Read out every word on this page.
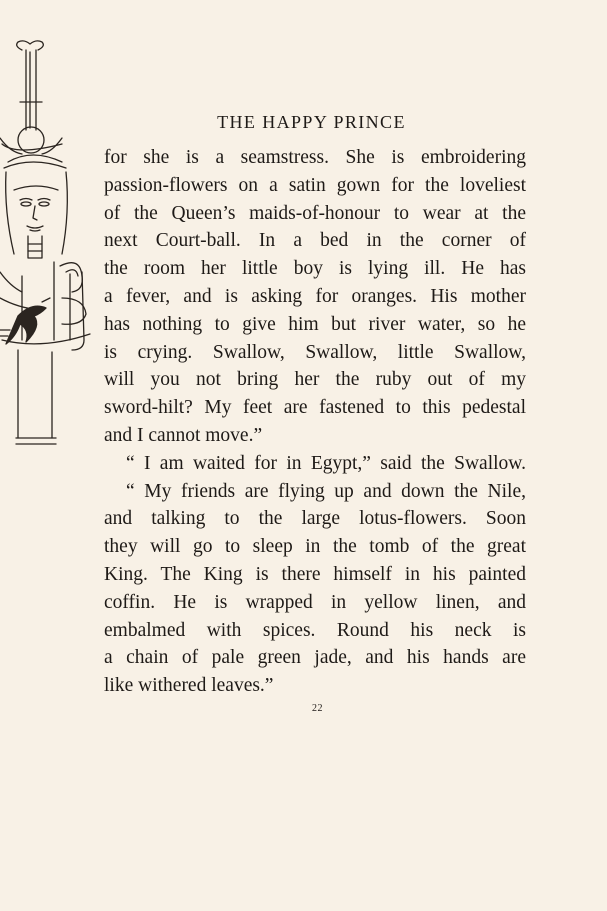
THE HAPPY PRINCE
for she is a seamstress. She is embroidering
passion-flowers on a satin gown for the loveliest
of the Queen’s maids-of-honour to wear at the
next Court-ball. In a bed in the corner of
the room her little boy is lying ill. He has
a fever, and is asking for oranges. His mother
has nothing to give him but river water, so he
is crying. Swallow, Swallow, little Swallow,
will you not bring her the ruby out of my
sword-hilt? My feet are fastened to this pedestal
and I cannot move.”
“ I am waited for in Egypt,” said the Swallow.
“ My friends are flying up and down the Nile,
and talking to the large lotus-flowers. Soon
they will go to sleep in the tomb of the great
King. The King is there himself in his painted
coffin. He is wrapped in yellow linen, and
embalmed with spices. Round his neck is
a chain of pale green jade, and his hands are
like withered leaves.”
22
